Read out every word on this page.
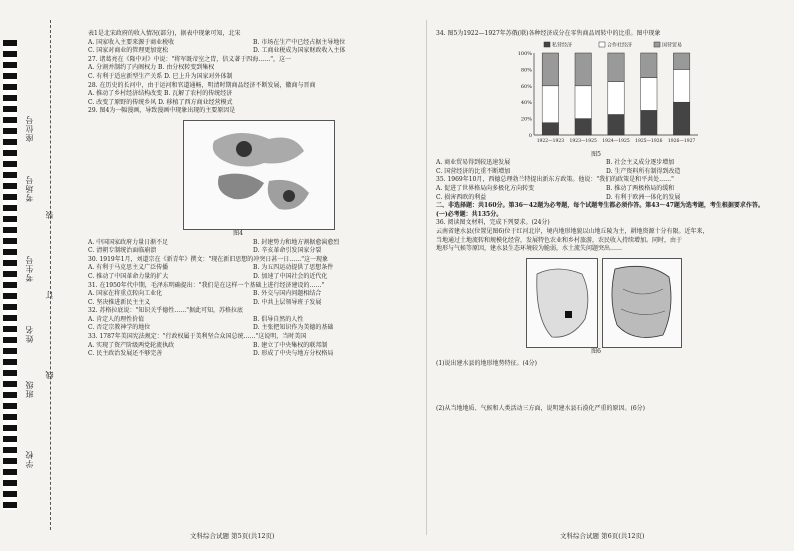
座位号
考场号
考生号
姓名
班级
学校
装
订
线

表1是北宋政府的收入情况(部分)，据表中现象可知，北宋

A. 国家收入主要来源于商业税收	B. 市场在生产中已经占据主导地位
C. 国家对商业的管理更加宽松	D. 工商业税成为国家财政收入主体

27. 诸葛亮在《隆中对》中说："将军既帝室之胄，信义著于四海……"，这一

A. 分割并制约了内阁权力 B. 由分权转变到集权

C. 有利于适应新型生产关系 D. 巳上升为国家对外体制

28. 在历史的长河中，由于运河和官道通畅，明清时期商品经济不断发展，徽商与晋商

A. 推动了乡村经济结构改变 B. 瓦解了农村的传统经济

C. 改变了原野的传统乡风 D. 移植了西方商业经营模式

29. 图4为一幅漫画，导致漫画中现象出现的主要原因是

图4

A. 中国国家政府力量日渐不足	B. 封建势力和地方割据愈演愈烈
C. 清朝专制统治面临崩溃	D. 辛亥革命引发国家分裂

30. 1919年1月，刘道宗在《新青年》撰文："现在新旧思想的冲突日甚一日……"这一现象

A. 有利于马克思主义广泛传播	B. 为五四运动提供了思想条件
C. 推动了中国革命力量的扩大	D. 加速了中国社会的近代化

31. 在1950年代中期，毛泽东明确提出："我们是在这样一个基础上进行经济建设的……"

A. 国家在将重点转向工业化	B. 外交与国内问题相结合
C. 坚决推进新民主主义	D. 中共上层领导班子发展

32. 苏格拉底说："知识关乎德性……"据此可知，苏格拉底

A. 肯定人的理性价值	B. 倡导自然的人性
C. 否定宗教神学的地位	D. 主张把知识作为美德的基础

33. 1787年美国宪法规定："行政权属于美利坚合众国总统……"这说明，当时美国

A. 实现了资产阶级两党轮流执政	B. 建立了中央集权的联邦制
C. 民主政治发展还不够完善	D. 形成了中央与地方分权格局
文科综合试题 第5页(共12页)

34. 图5为1922—1927年苏俄(联)各种经济成分在零售商品周转中的比重。图中现象

0
20%
40%
60%
80%
100%
私营经济	合作社经济	国营贸易
1922—1923 1923—1925 1924—1925 1925—1926 1926—1927

图5

A. 商业贸易得到较迅速发展	B. 社会主义成分逐步增加
C. 国营经济的比重不断增加	D. 生产资料所有制得到改造

35. 1969年10月，西德总理勃兰特提出新东方政策。他说："我们的政策是和平共处……"

A. 促进了世界格局向多极化方向转变	B. 推动了两极格局的缓和
C. 损害西欧的利益	D. 有利于欧洲一体化的发展

二、非选择题：共160分。第36～42题为必考题，每个试题考生都必须作答。第43～47题为选考题，考生根据要求作答。

(一)必考题：共135分。

36. 阅读图文材料，完成下列要求。(24分)

云南省建水县(位置见图6)位于红河北岸，境内地形地貌以山地丘陵为主，耕地资源十分有限。近年来，

当地通过土地流转和规模化经营，发展特色农业和乡村旅游，农民收入持续增加。同时，由于

地形与气候等原因，建水县生态环境较为脆弱，水土流失问题突出……

图6

(1)说出建水县的地形地势特征。(4分)

(2)从当地地质、气候和人类活动三方面，说明建水县石漠化严重的原因。(6分)

文科综合试题 第6页(共12页)
